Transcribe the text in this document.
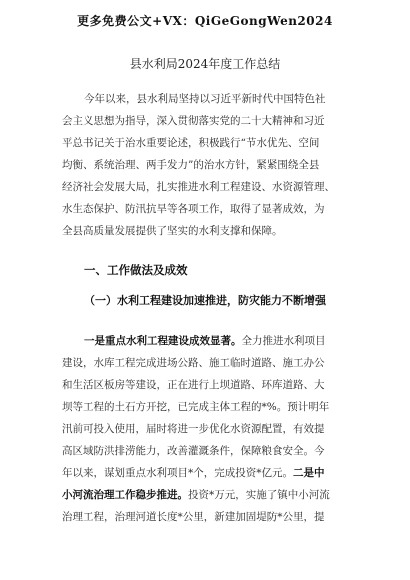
更多免费公文+VX：QiGeGongWen2024
县水利局2024年度工作总结
今年以来，县水利局坚持以习近平新时代中国特色社
会主义思想为指导，深入贯彻落实党的二十大精神和习近
平总书记关于治水重要论述，积极践行“节水优先、空间
均衡、系统治理、两手发力”的治水方针，紧紧围绕全县
经济社会发展大局，扎实推进水利工程建设、水资源管理、
水生态保护、防汛抗旱等各项工作，取得了显著成效，为
全县高质量发展提供了坚实的水利支撑和保障。
一、工作做法及成效
（一）水利工程建设加速推进，防灾能力不断增强
一是重点水利工程建设成效显著。全力推进水利项目
建设，水库工程完成进场公路、施工临时道路、施工办公
和生活区板房等建设，正在进行上坝道路、环库道路、大
坝等工程的土石方开挖，已完成主体工程的*%。预计明年
汛前可投入使用，届时将进一步优化水资源配置，有效提
高区域防洪排涝能力，改善灌溉条件，保障粮食安全。今
年以来，谋划重点水利项目*个，完成投资*亿元。二是中
小河流治理工作稳步推进。投资*万元，实施了镇中小河流
治理工程，治理河道长度*公里，新建加固堤防*公里，提
